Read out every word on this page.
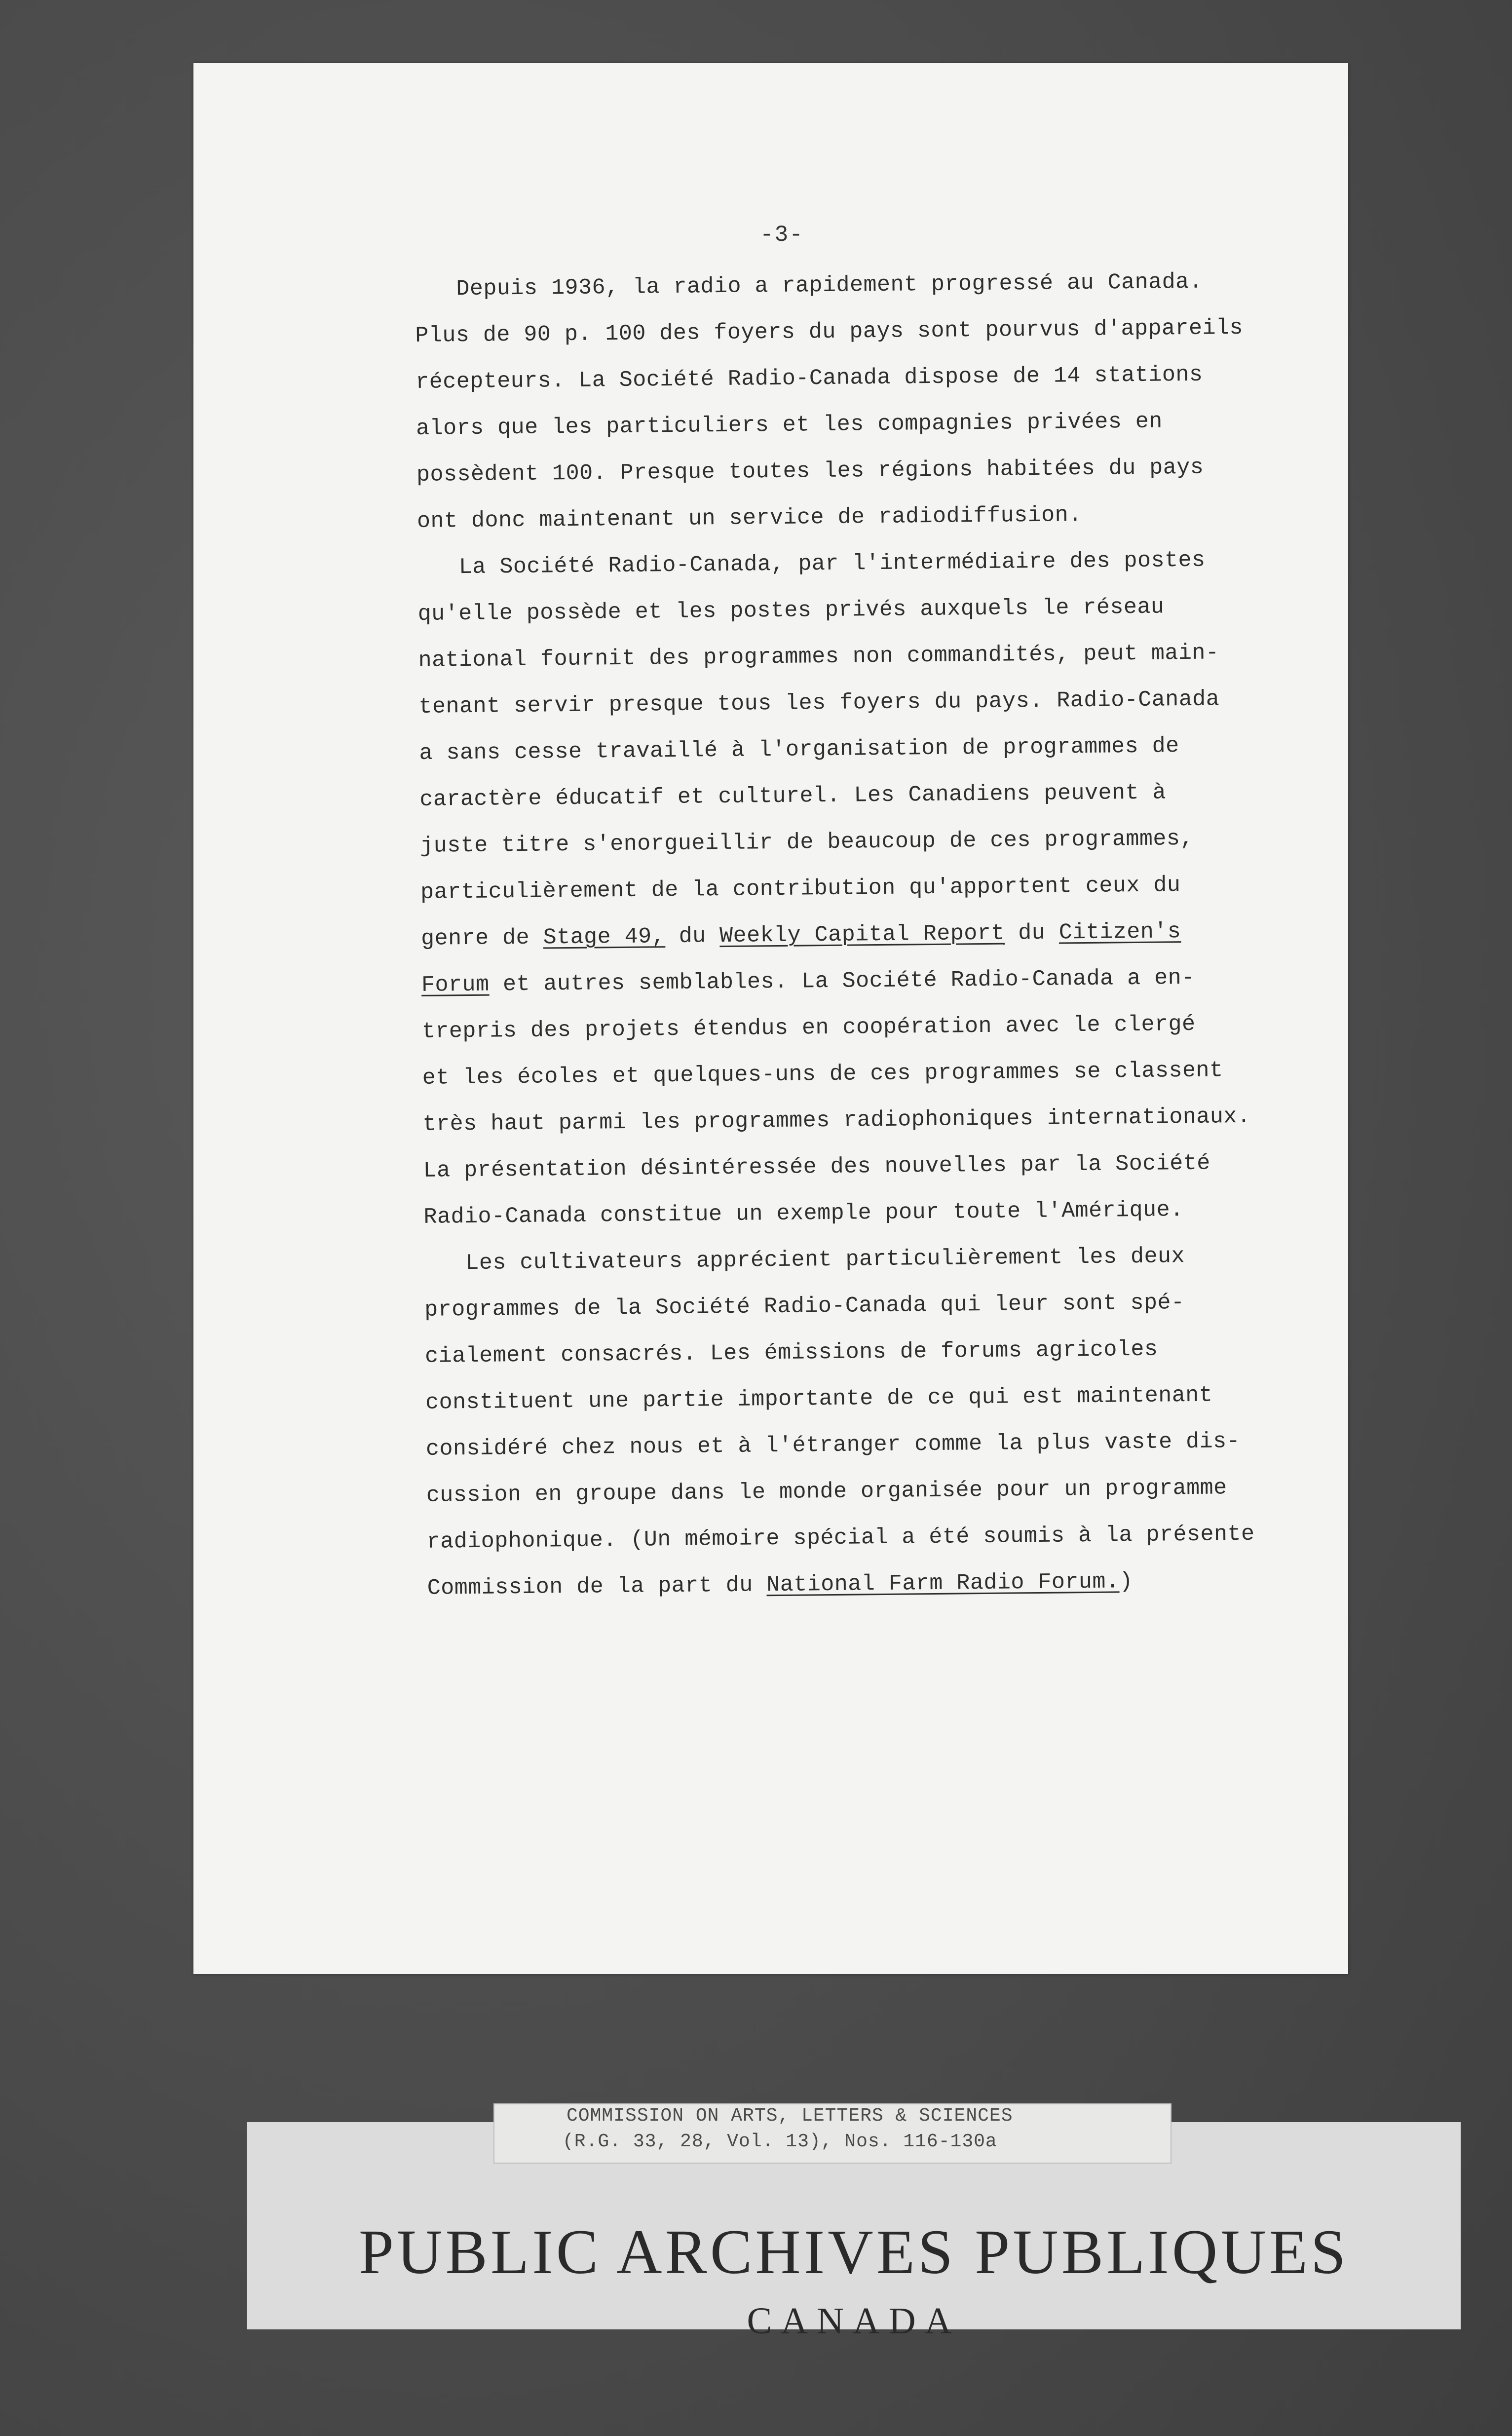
-3-

Depuis 1936, la radio a rapidement progressé au Canada.
Plus de 90 p. 100 des foyers du pays sont pourvus d'appareils
récepteurs. La Société Radio-Canada dispose de 14 stations
alors que les particuliers et les compagnies privées en
possèdent 100. Presque toutes les régions habitées du pays
ont donc maintenant un service de radiodiffusion.

La Société Radio-Canada, par l'intermédiaire des postes
qu'elle possède et les postes privés auxquels le réseau
national fournit des programmes non commandités, peut main-
tenant servir presque tous les foyers du pays. Radio-Canada
a sans cesse travaillé à l'organisation de programmes de
caractère éducatif et culturel. Les Canadiens peuvent à
juste titre s'enorgueillir de beaucoup de ces programmes,
particulièrement de la contribution qu'apportent ceux du
genre de Stage 49, du Weekly Capital Report du Citizen's
Forum et autres semblables. La Société Radio-Canada a en-
trepris des projets étendus en coopération avec le clergé
et les écoles et quelques-uns de ces programmes se classent
très haut parmi les programmes radiophoniques internationaux.
La présentation désintéressée des nouvelles par la Société
Radio-Canada constitue un exemple pour toute l'Amérique.

Les cultivateurs apprécient particulièrement les deux
programmes de la Société Radio-Canada qui leur sont spé-
cialement consacrés. Les émissions de forums agricoles
constituent une partie importante de ce qui est maintenant
considéré chez nous et à l'étranger comme la plus vaste dis-
cussion en groupe dans le monde organisée pour un programme
radiophonique. (Un mémoire spécial a été soumis à la présente
Commission de la part du National Farm Radio Forum.)

COMMISSION ON ARTS, LETTERS & SCIENCES
(R.G. 33, 28, Vol. 13), Nos. 116-130a
PUBLIC ARCHIVES PUBLIQUES
CANADA
